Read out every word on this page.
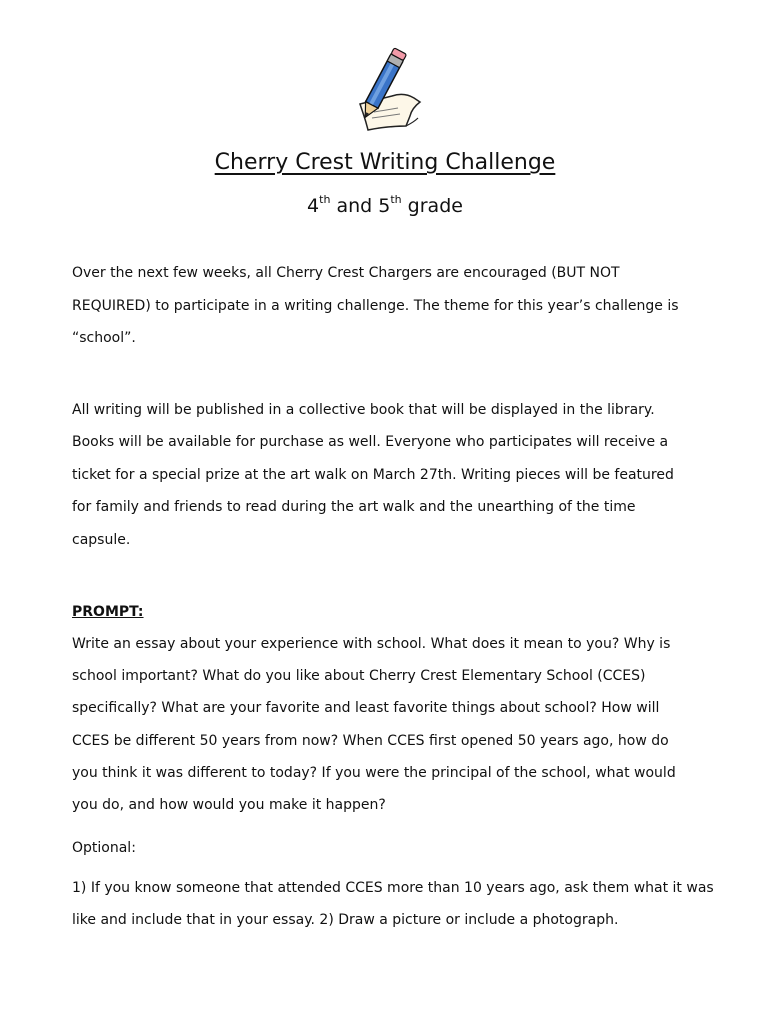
Cherry Crest Writing Challenge
4th and 5th grade
Over the next few weeks, all Cherry Crest Chargers are encouraged (BUT NOT
REQUIRED) to participate in a writing challenge. The theme for this year’s challenge is
“school”.
All writing will be published in a collective book that will be displayed in the library.
Books will be available for purchase as well. Everyone who participates will receive a
ticket for a special prize at the art walk on March 27th. Writing pieces will be featured
for family and friends to read during the art walk and the unearthing of the time
capsule.
PROMPT:
Write an essay about your experience with school. What does it mean to you? Why is
school important? What do you like about Cherry Crest Elementary School (CCES)
specifically? What are your favorite and least favorite things about school? How will
CCES be different 50 years from now? When CCES first opened 50 years ago, how do
you think it was different to today? If you were the principal of the school, what would
you do, and how would you make it happen?
Optional:
1) If you know someone that attended CCES more than 10 years ago, ask them what it was
like and include that in your essay. 2) Draw a picture or include a photograph.
